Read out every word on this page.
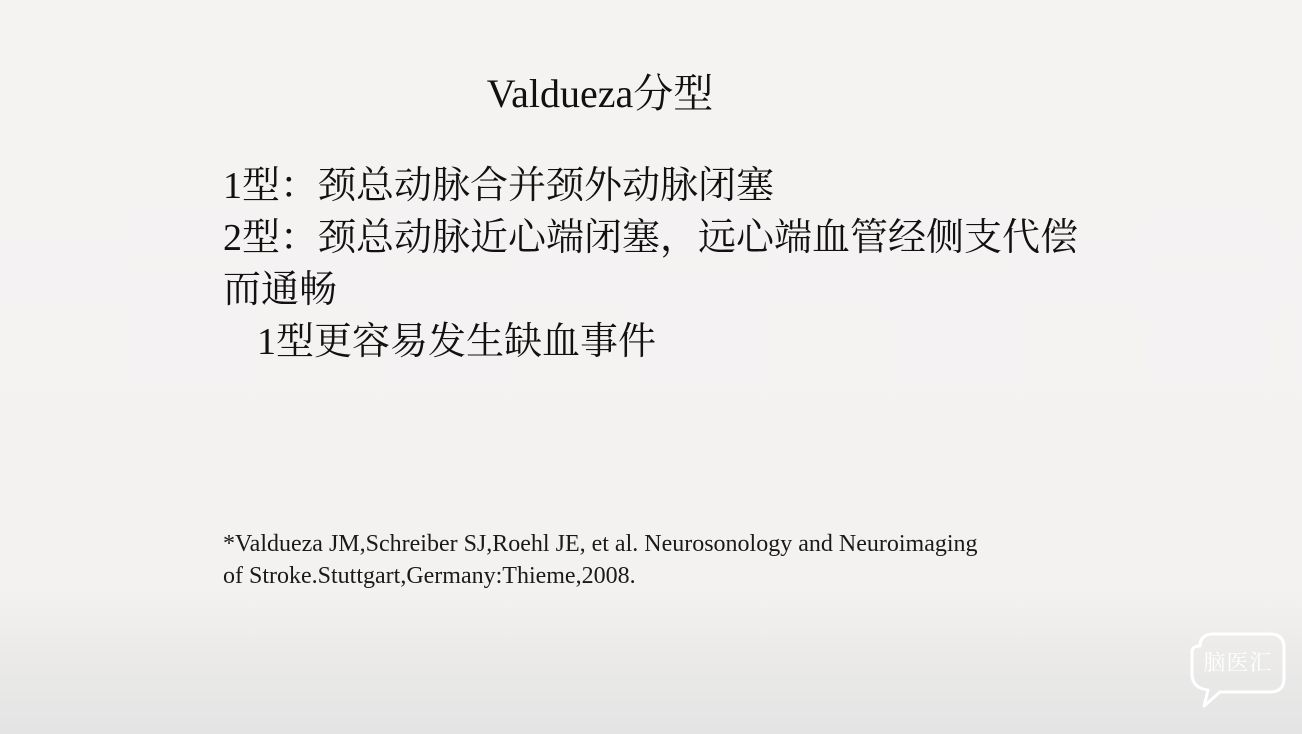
Valdueza分型
1型：颈总动脉合并颈外动脉闭塞
2型：颈总动脉近心端闭塞，远心端血管经侧支代偿而通畅
1型更容易发生缺血事件
*Valdueza JM,Schreiber SJ,Roehl JE, et al. Neurosonology and Neuroimaging
of Stroke.Stuttgart,Germany:Thieme,2008.
脑医汇
